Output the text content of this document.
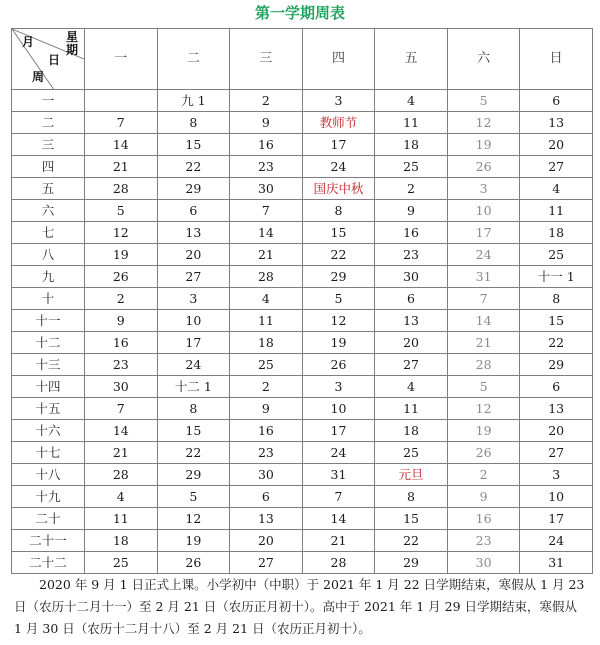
第一学期周表
月 星期
日
周	一	二	三	四	五	六	日
一		九 1	2	3	4	5	6
二	7	8	9	教师节	11	12	13
三	14	15	16	17	18	19	20
四	21	22	23	24	25	26	27
五	28	29	30	国庆中秋	2	3	4
六	5	6	7	8	9	10	11
七	12	13	14	15	16	17	18
八	19	20	21	22	23	24	25
九	26	27	28	29	30	31	十一 1
十	2	3	4	5	6	7	8
十一	9	10	11	12	13	14	15
十二	16	17	18	19	20	21	22
十三	23	24	25	26	27	28	29
十四	30	十二 1	2	3	4	5	6
十五	7	8	9	10	11	12	13
十六	14	15	16	17	18	19	20
十七	21	22	23	24	25	26	27
十八	28	29	30	31	元旦	2	3
十九	4	5	6	7	8	9	10
二十	11	12	13	14	15	16	17
二十一	18	19	20	21	22	23	24
二十二	25	26	27	28	29	30	31

2020 年 9 月 1 日正式上课。小学初中（中职）于 2021 年 1 月 22 日学期结束，寒假从 1 月 23 日（农历十二月十一）至 2 月 21 日（农历正月初十）。高中于 2021 年 1 月 29 日学期结束，寒假从 1 月 30 日（农历十二月十八）至 2 月 21 日（农历正月初十）。
